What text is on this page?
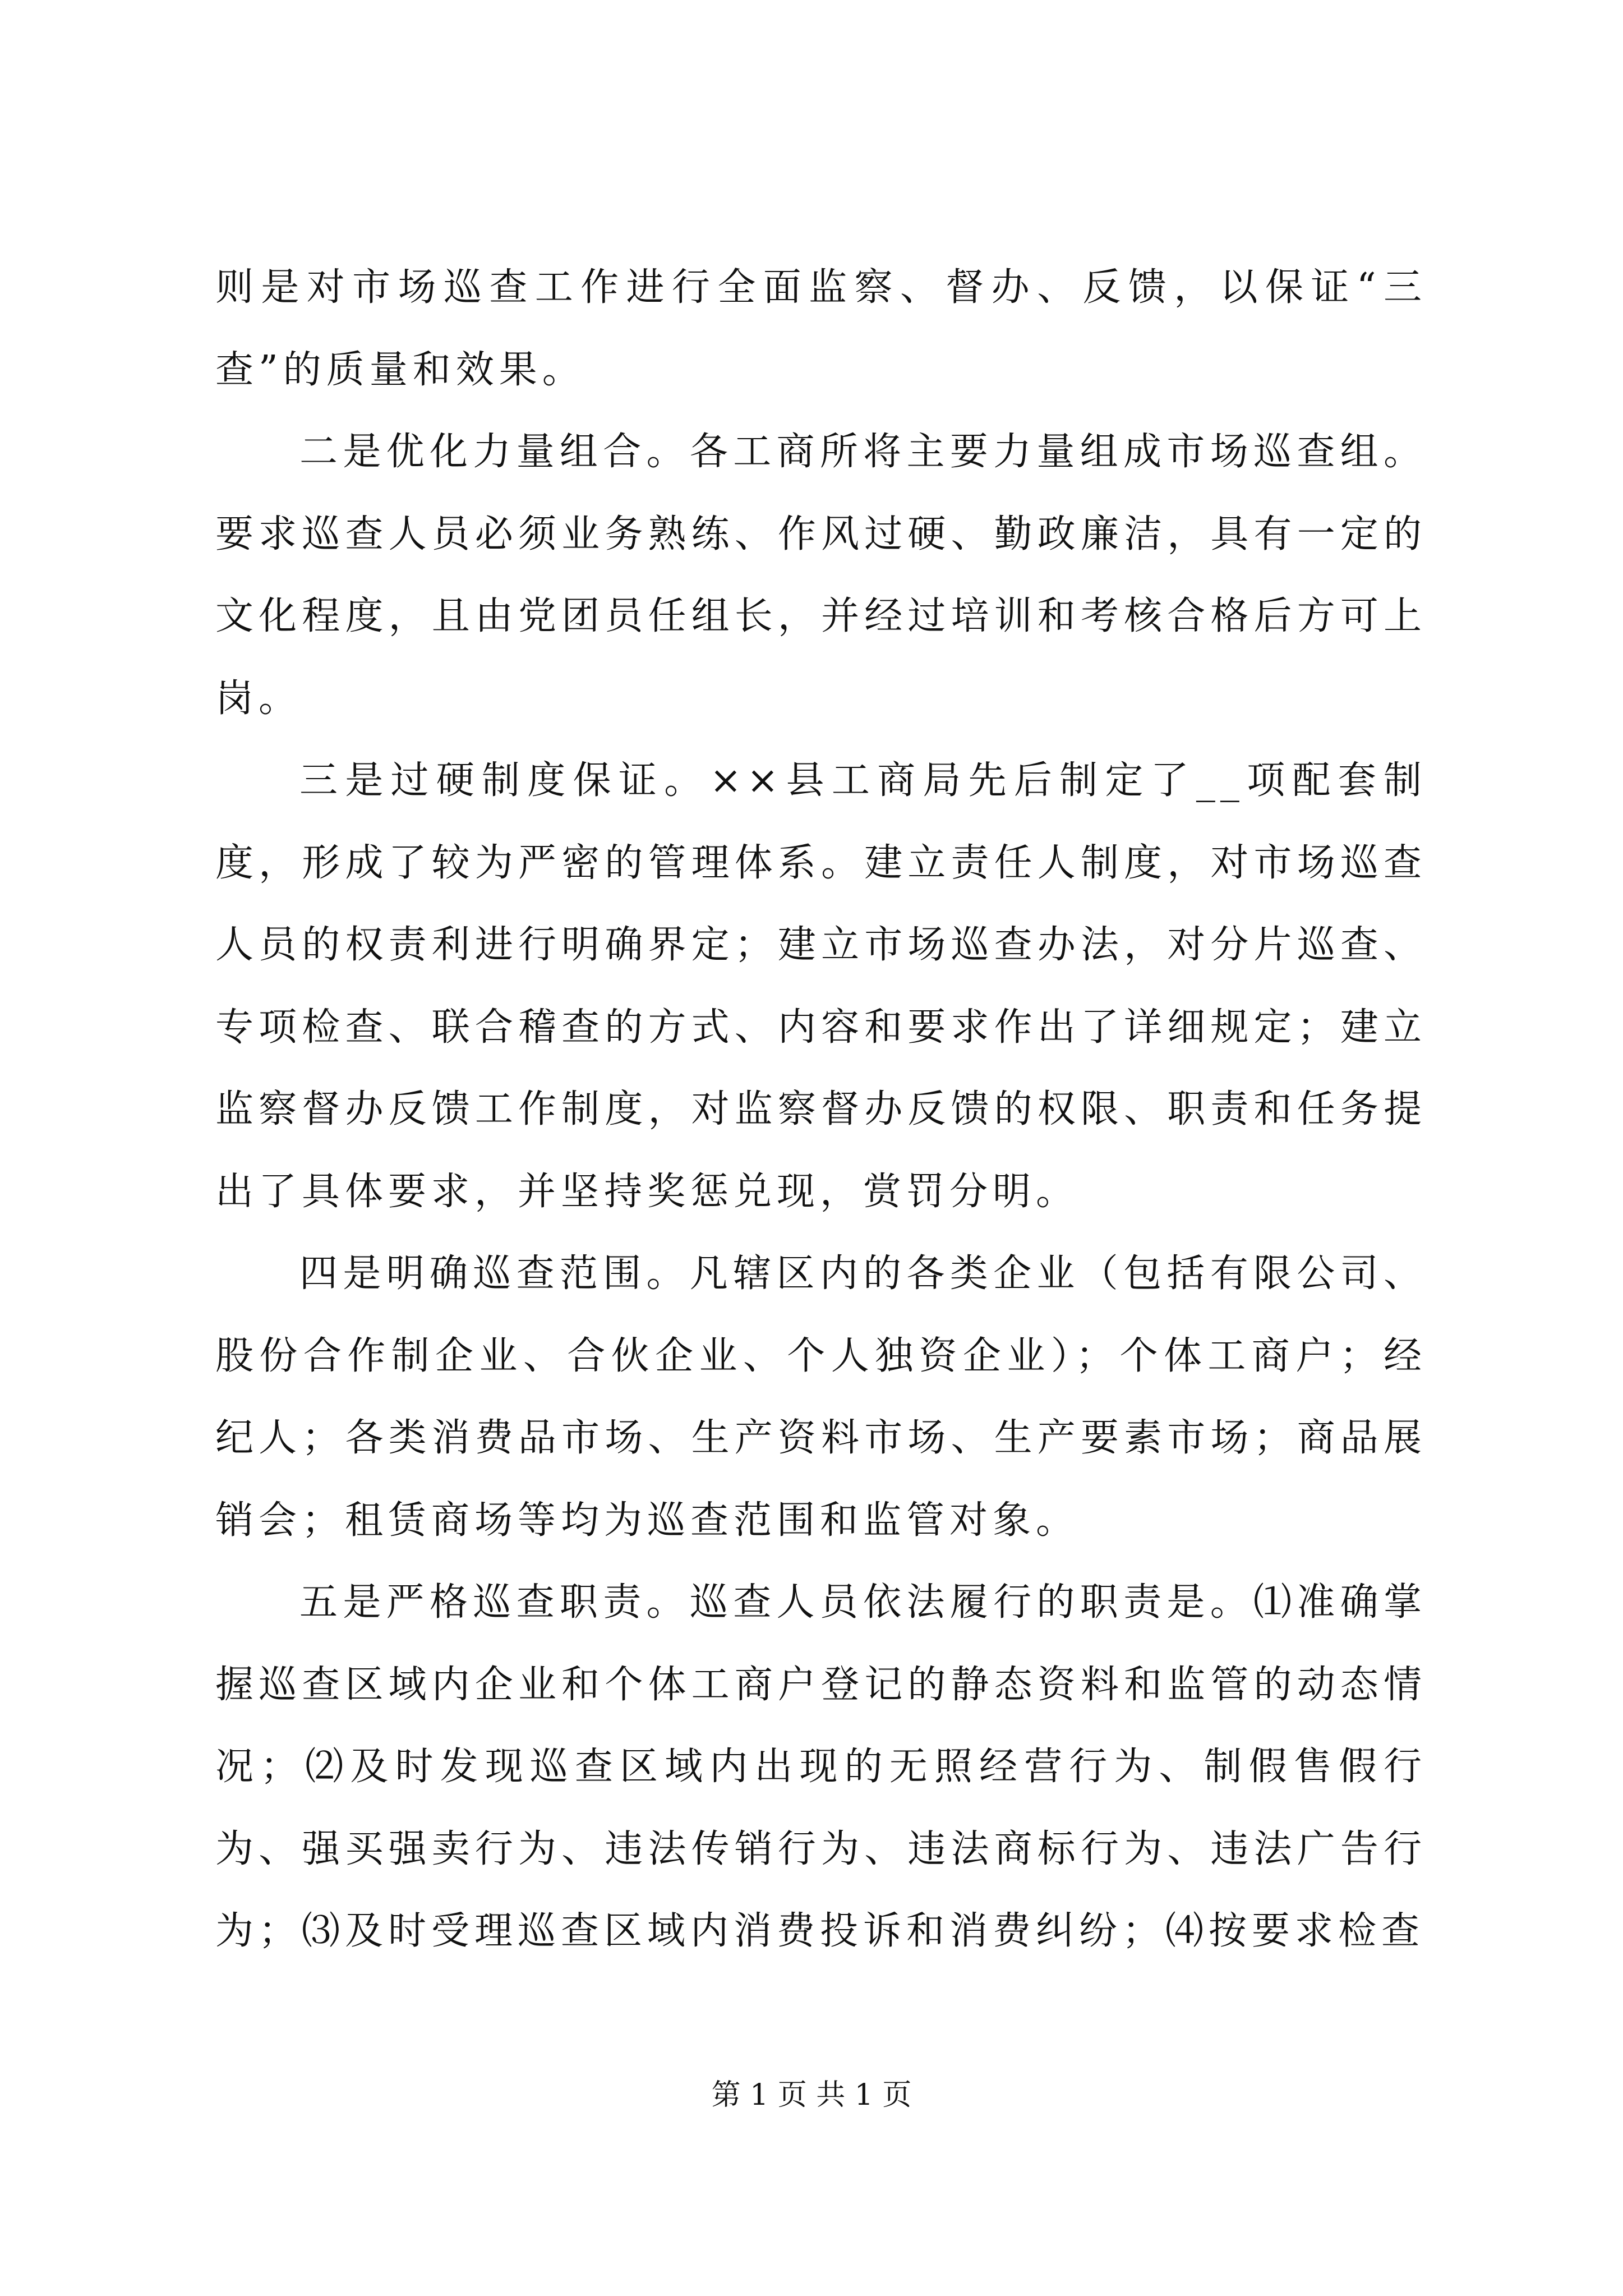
则是对市场巡查工作进行全面监察、督办、反馈，以保证“三查”的质量和效果。

二是优化力量组合。各工商所将主要力量组成市场巡查组。要求巡查人员必须业务熟练、作风过硬、勤政廉洁，具有一定的文化程度，且由党团员任组长，并经过培训和考核合格后方可上岗。

三是过硬制度保证。××县工商局先后制定了__项配套制度，形成了较为严密的管理体系。建立责任人制度，对市场巡查人员的权责利进行明确界定；建立市场巡查办法，对分片巡查、专项检查、联合稽查的方式、内容和要求作出了详细规定；建立监察督办反馈工作制度，对监察督办反馈的权限、职责和任务提出了具体要求，并坚持奖惩兑现，赏罚分明。

四是明确巡查范围。凡辖区内的各类企业（包括有限公司、股份合作制企业、合伙企业、个人独资企业）；个体工商户；经纪人；各类消费品市场、生产资料市场、生产要素市场；商品展销会；租赁商场等均为巡查范围和监管对象。

五是严格巡查职责。巡查人员依法履行的职责是。⑴准确掌握巡查区域内企业和个体工商户登记的静态资料和监管的动态情况；⑵及时发现巡查区域内出现的无照经营行为、制假售假行为、强买强卖行为、违法传销行为、违法商标行为、违法广告行为；⑶及时受理巡查区域内消费投诉和消费纠纷；⑷按要求检查

第 1 页 共 1 页
